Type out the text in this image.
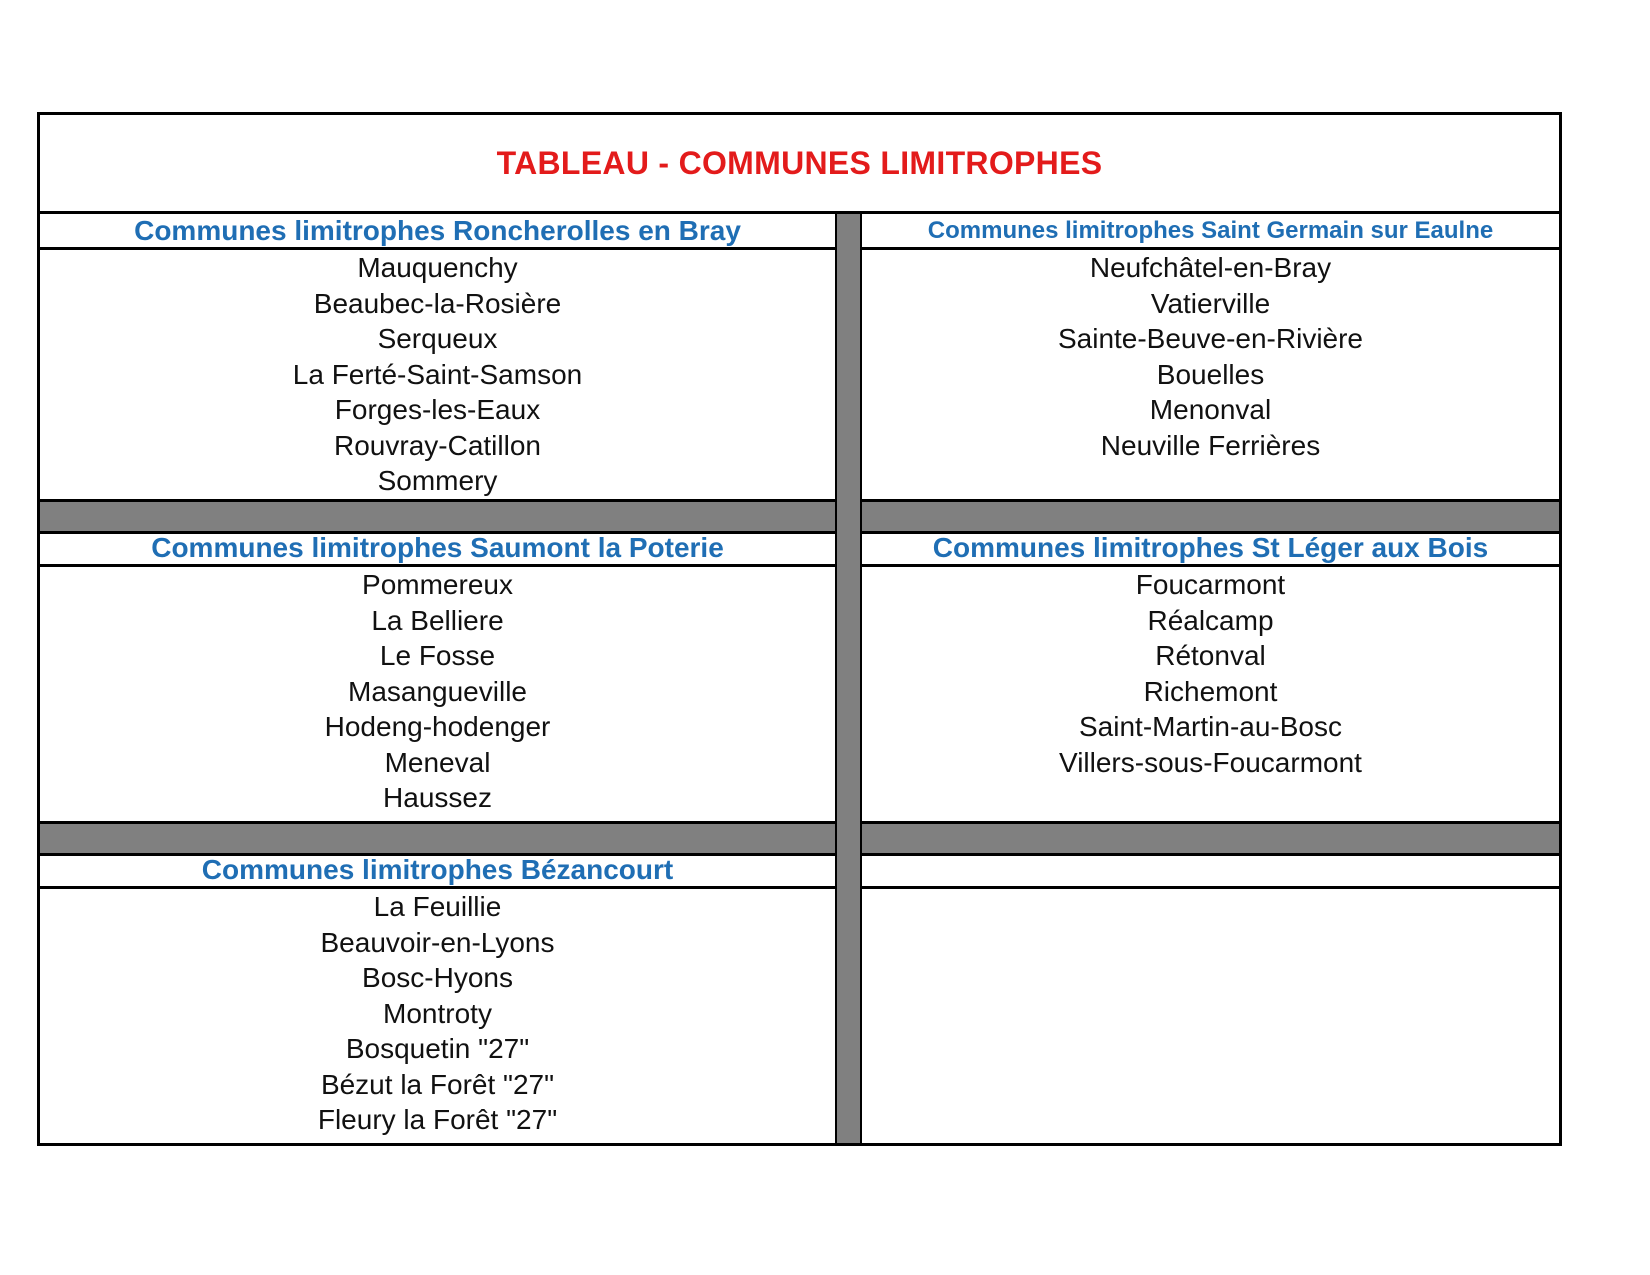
TABLEAU - COMMUNES LIMITROPHES
Communes limitrophes Roncherolles en Bray
Mauquenchy
Beaubec-la-Rosière
Serqueux
La Ferté-Saint-Samson
Forges-les-Eaux
Rouvray-Catillon
Sommery
Communes limitrophes Saint Germain sur Eaulne
Neufchâtel-en-Bray
Vatierville
Sainte-Beuve-en-Rivière
Bouelles
Menonval
Neuville Ferrières
Communes limitrophes Saumont la Poterie
Pommereux
La Belliere
Le Fosse
Masangueville
Hodeng-hodenger
Meneval
Haussez
Communes limitrophes St Léger aux Bois
Foucarmont
Réalcamp
Rétonval
Richemont
Saint-Martin-au-Bosc
Villers-sous-Foucarmont
Communes limitrophes Bézancourt
La Feuillie
Beauvoir-en-Lyons
Bosc-Hyons
Montroty
Bosquetin "27"
Bézut la Forêt "27"
Fleury la Forêt "27"
